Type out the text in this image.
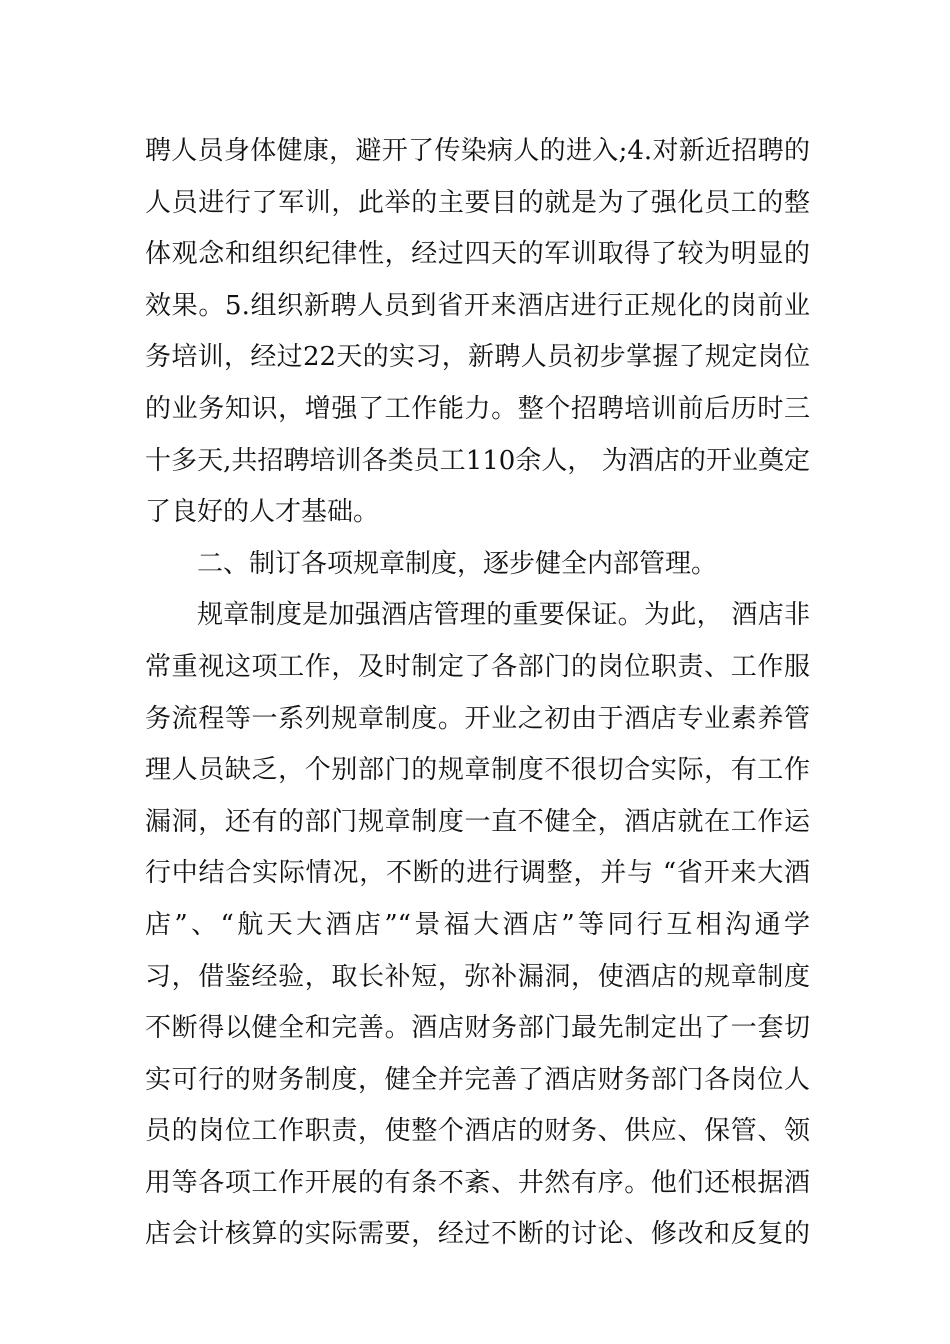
聘人员身体健康，避开了传染病人的进入;4.对新近招聘的
人员进行了军训，此举的主要目的就是为了强化员工的整
体观念和组织纪律性，经过四天的军训取得了较为明显的
效果。5.组织新聘人员到省开来酒店进行正规化的岗前业
务培训，经过22天的实习，新聘人员初步掌握了规定岗位
的业务知识，增强了工作能力。整个招聘培训前后历时三
十多天,共招聘培训各类员工110余人， 为酒店的开业奠定
了良好的人才基础。
二、制订各项规章制度，逐步健全内部管理。
规章制度是加强酒店管理的重要保证。为此， 酒店非
常重视这项工作，及时制定了各部门的岗位职责、工作服
务流程等一系列规章制度。开业之初由于酒店专业素养管
理人员缺乏，个别部门的规章制度不很切合实际，有工作
漏洞，还有的部门规章制度一直不健全，酒店就在工作运
行中结合实际情况，不断的进行调整，并与 “省开来大酒
店”、“航天大酒店”“景福大酒店”等同行互相沟通学
习，借鉴经验，取长补短，弥补漏洞，使酒店的规章制度
不断得以健全和完善。酒店财务部门最先制定出了一套切
实可行的财务制度，健全并完善了酒店财务部门各岗位人
员的岗位工作职责，使整个酒店的财务、供应、保管、领
用等各项工作开展的有条不紊、井然有序。他们还根据酒
店会计核算的实际需要，经过不断的讨论、修改和反复的
